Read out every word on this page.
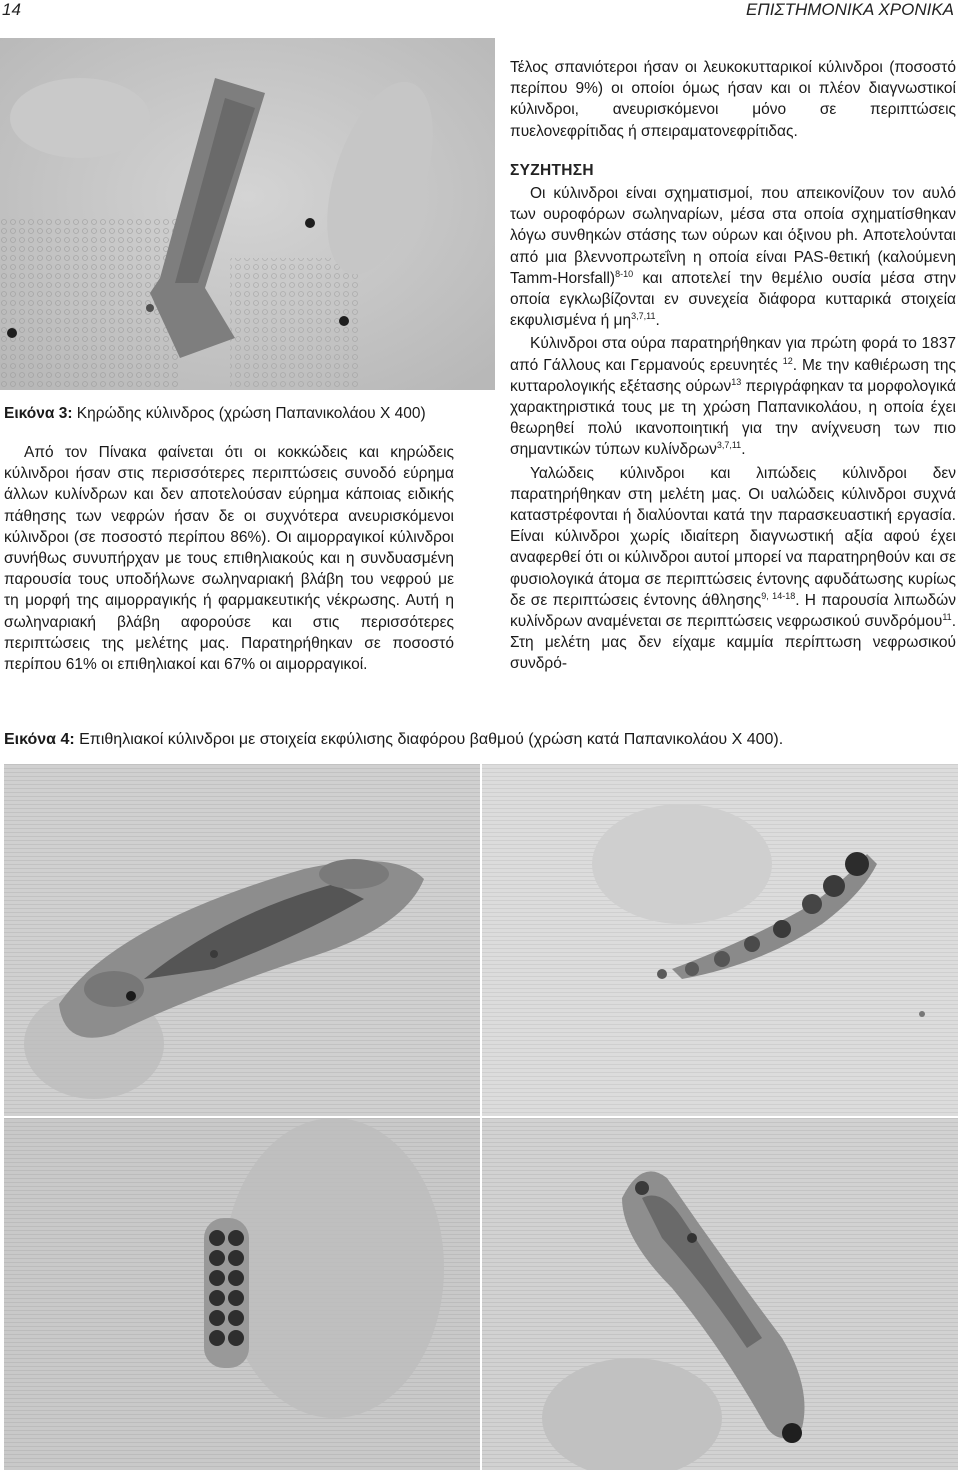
14	ΕΠΙΣΤΗΜΟΝΙΚΑ ΧΡΟΝΙΚΑ
Εικόνα 3: Κηρώδης κύλινδρος (χρώση Παπανικολάου Χ 400)

Από τον Πίνακα φαίνεται ότι οι κοκκώδεις και κηρώδεις κύλινδροι ήσαν στις περισσότερες περιπτώσεις συνοδό εύρημα άλλων κυλίνδρων και δεν αποτελούσαν εύρημα κάποιας ειδικής πάθησης των νεφρών ήσαν δε οι συχνότερα ανευρισκόμενοι κύλινδροι (σε ποσοστό περίπου 86%). Οι αιμορραγικοί κύλινδροι συνήθως συνυπήρχαν με τους επιθηλιακούς και η συνδυασμένη παρουσία τους υποδήλωνε σωληναριακή βλάβη του νεφρού με τη μορφή της αιμορραγικής ή φαρμακευτικής νέκρωσης. Αυτή η σωληναριακή βλάβη αφορούσε και στις περισσότερες περιπτώσεις της μελέτης μας. Παρατηρήθηκαν σε ποσοστό περίπου 61% οι επιθηλιακοί και 67% οι αιμορραγικοί.

Τέλος σπανιότεροι ήσαν οι λευκοκυτταρικοί κύλινδροι (ποσοστό περίπου 9%) οι οποίοι όμως ήσαν και οι πλέον διαγνωστικοί κύλινδροι, ανευρισκόμενοι μόνο σε περιπτώσεις πυελονεφρίτιδας ή σπειραματονεφρίτιδας.

ΣΥΖΗΤΗΣΗ

Οι κύλινδροι είναι σχηματισμοί, που απεικονίζουν τον αυλό των ουροφόρων σωληναρίων, μέσα στα οποία σχηματίσθηκαν λόγω συνθηκών στάσης των ούρων και όξινου ph. Αποτελούνται από μια βλεννοπρωτεΐνη η οποία είναι PAS-θετική (καλούμενη Tamm-Horsfall)$^{8-10}$ και αποτελεί την θεμέλιο ουσία μέσα στην οποία εγκλωβίζονται εν συνεχεία διάφορα κυτταρικά στοιχεία εκφυλισμένα ή μη$^{3,7,11}$.

Κύλινδροι στα ούρα παρατηρήθηκαν για πρώτη φορά το 1837 από Γάλλους και Γερμανούς ερευνητές $^{12}$. Με την καθιέρωση της κυτταρολογικής εξέτασης ούρων$^{13}$ περιγράφηκαν τα μορφολογικά χαρακτηριστικά τους με τη χρώση Παπανικολάου, η οποία έχει θεωρηθεί πολύ ικανοποιητική για την ανίχνευση των πιο σημαντικών τύπων κυλίνδρων$^{3,7,11}$.

Υαλώδεις κύλινδροι και λιπώδεις κύλινδροι δεν παρατηρήθηκαν στη μελέτη μας. Οι υαλώδεις κύλινδροι συχνά καταστρέφονται ή διαλύονται κατά την παρασκευαστική εργασία. Είναι κύλινδροι χωρίς ιδιαίτερη διαγνωστική αξία αφού έχει αναφερθεί ότι οι κύλινδροι αυτοί μπορεί να παρατηρηθούν και σε φυσιολογικά άτομα σε περιπτώσεις έντονης αφυδάτωσης κυρίως δε σε περιπτώσεις έντονης άθλησης$^{9, 14-18}$. Η παρουσία λιπωδών κυλίνδρων αναμένεται σε περιπτώσεις νεφρωσικού συνδρόμου$^{11}$. Στη μελέτη μας δεν είχαμε καμμία περίπτωση νεφρωσικού συνδρό-

Εικόνα 4: Επιθηλιακοί κύλινδροι με στοιχεία εκφύλισης διαφόρου βαθμού (χρώση κατά Παπανικολάου Χ 400).
